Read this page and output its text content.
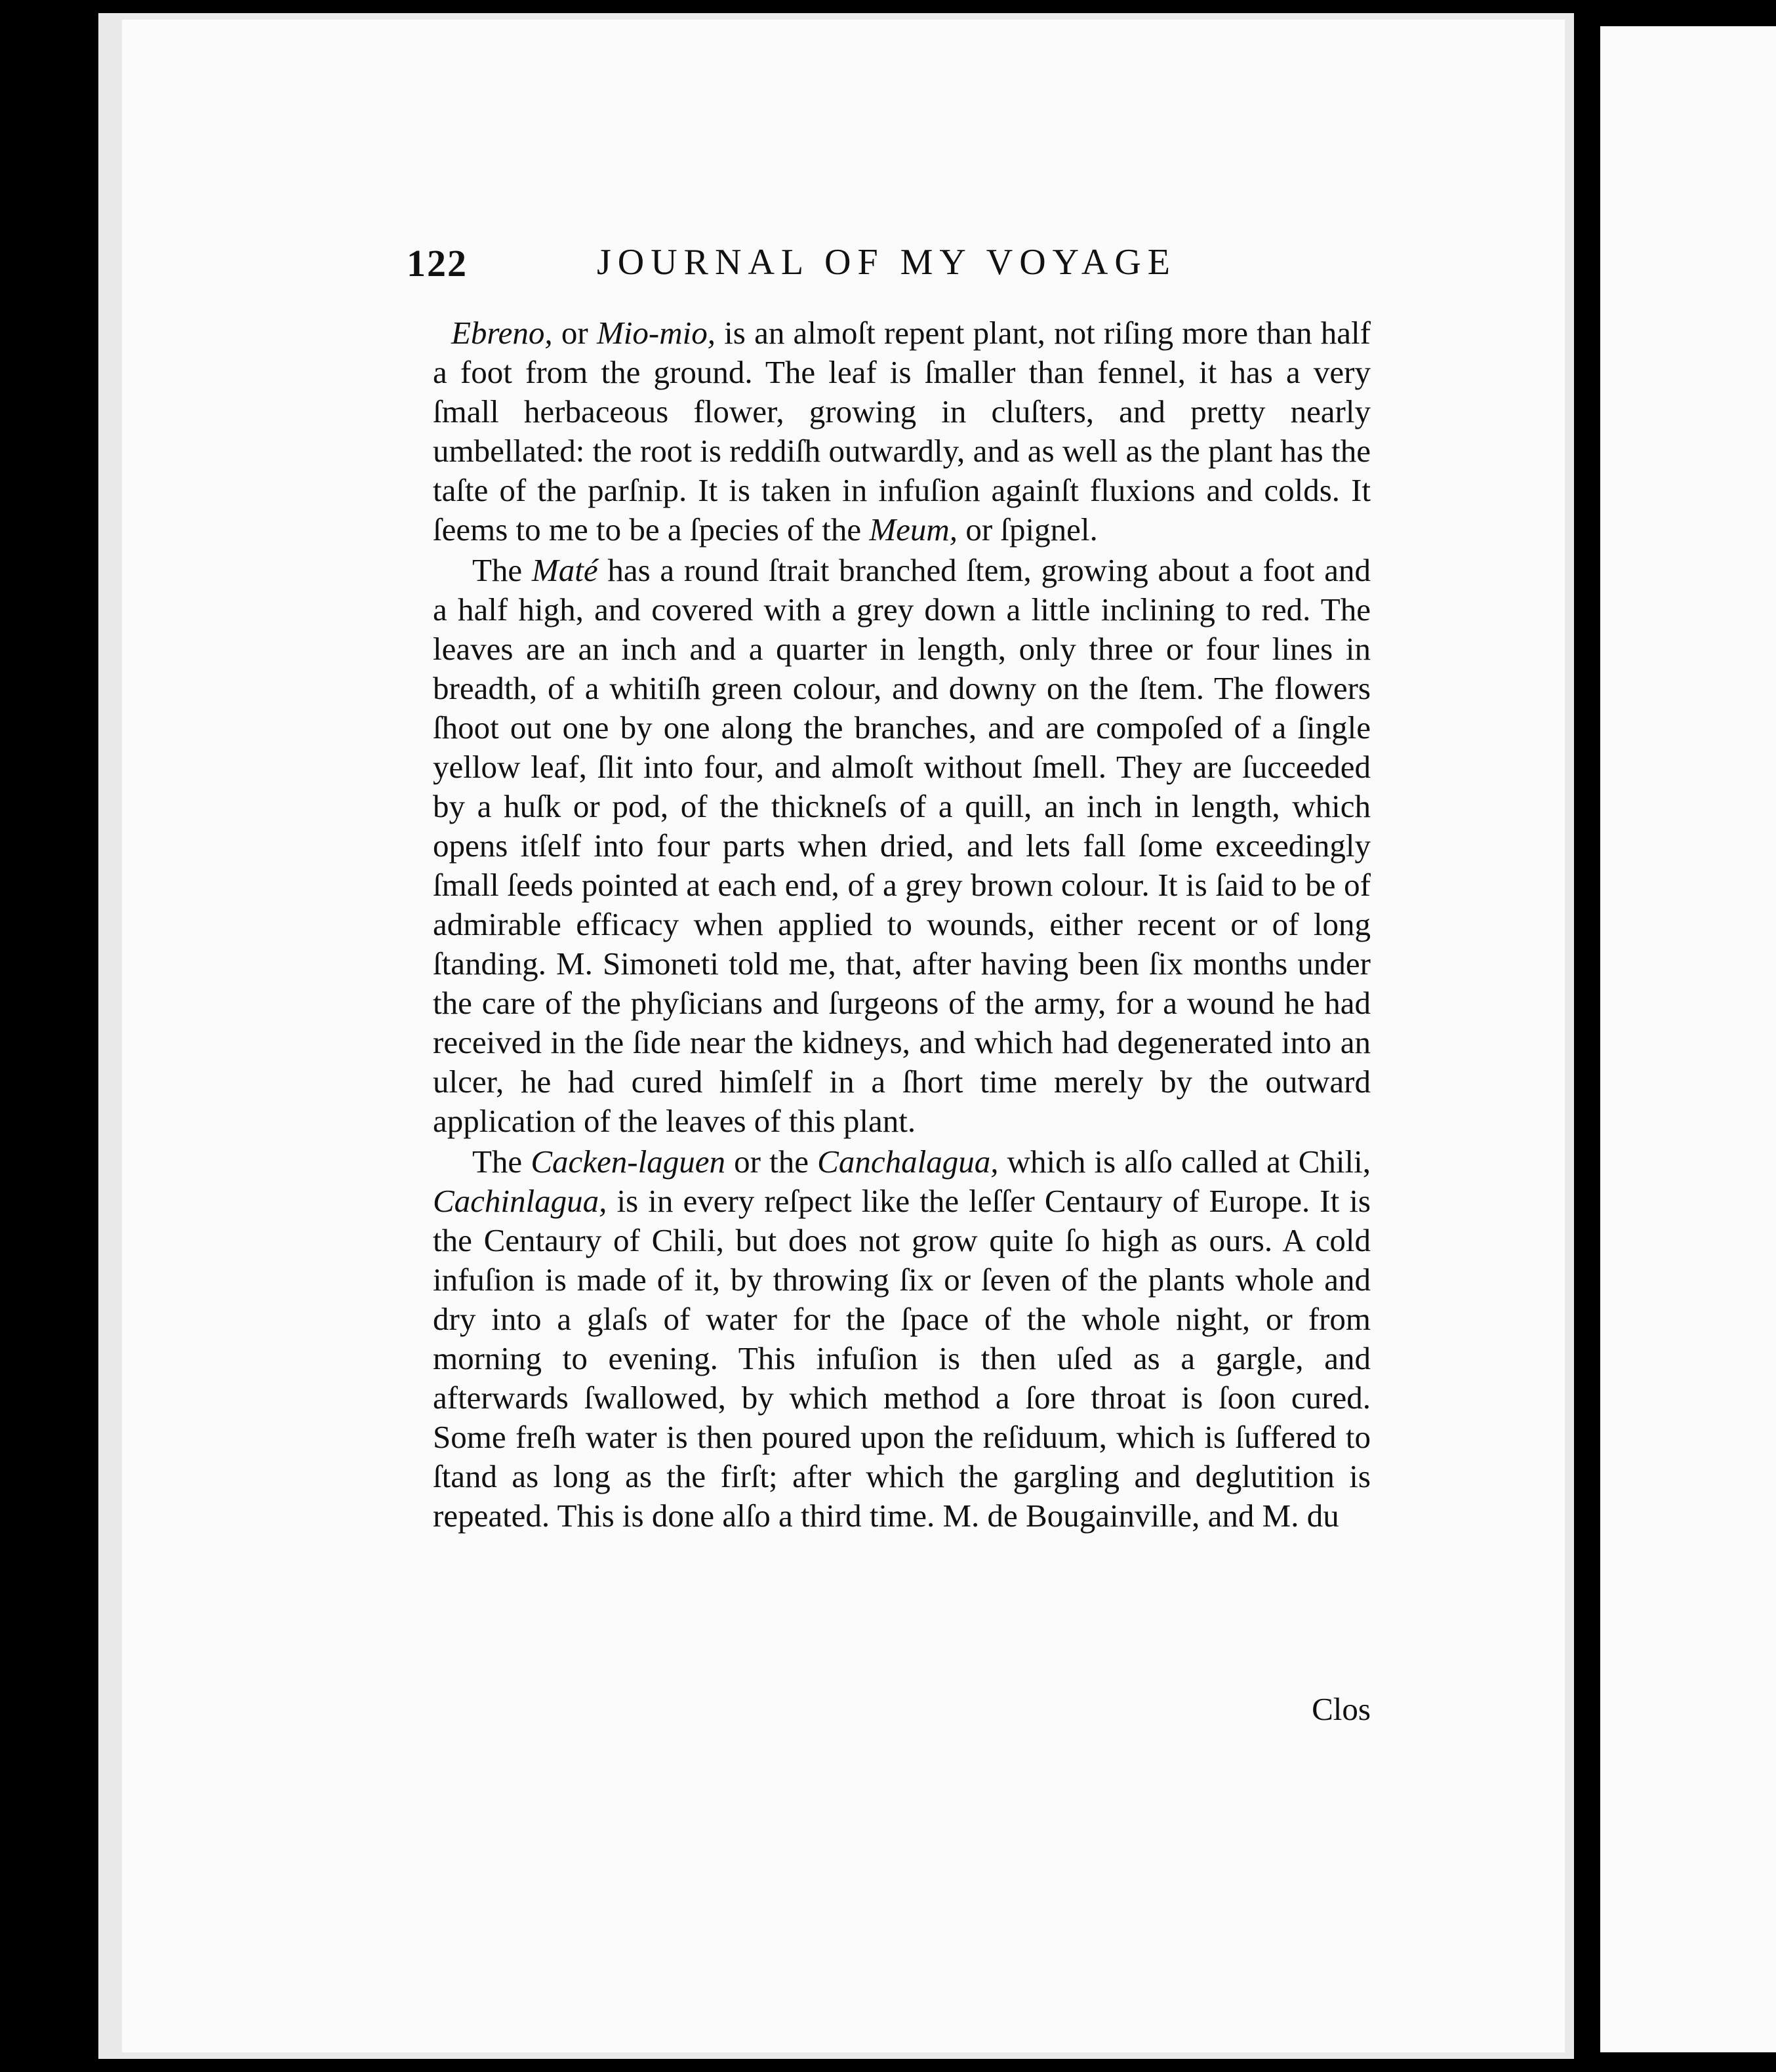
122	JOURNAL OF MY VOYAGE

Ebreno, or Mio-mio, is an almoſt repent plant, not riſing more than half a foot from the ground. The leaf is ſmaller than fennel, it has a very ſmall herbaceous flower, growing in cluſters, and pretty nearly umbellated: the root is reddiſh outwardly, and as well as the plant has the taſte of the parſnip. It is taken in infuſion againſt fluxions and colds. It ſeems to me to be a ſpecies of the Meum, or ſpignel.

The Maté has a round ſtrait branched ſtem, growing about a foot and a half high, and covered with a grey down a little inclining to red. The leaves are an inch and a quarter in length, only three or four lines in breadth, of a whitiſh green colour, and downy on the ſtem. The flowers ſhoot out one by one along the branches, and are compoſed of a ſingle yellow leaf, ſlit into four, and almoſt without ſmell. They are ſucceeded by a huſk or pod, of the thickneſs of a quill, an inch in length, which opens itſelf into four parts when dried, and lets fall ſome exceedingly ſmall ſeeds pointed at each end, of a grey brown colour. It is ſaid to be of admirable efficacy when applied to wounds, either recent or of long ſtanding. M. Simoneti told me, that, after having been ſix months under the care of the phyſicians and ſurgeons of the army, for a wound he had received in the ſide near the kidneys, and which had degenerated into an ulcer, he had cured himſelf in a ſhort time merely by the outward application of the leaves of this plant.

The Cacken-laguen or the Canchalagua, which is alſo called at Chili, Cachinlagua, is in every reſpect like the leſſer Centaury of Europe. It is the Centaury of Chili, but does not grow quite ſo high as ours. A cold infuſion is made of it, by throwing ſix or ſeven of the plants whole and dry into a glaſs of water for the ſpace of the whole night, or from morning to evening. This infuſion is then uſed as a gargle, and afterwards ſwallowed, by which method a ſore throat is ſoon cured. Some freſh water is then poured upon the reſiduum, which is ſuffered to ſtand as long as the firſt; after which the gargling and deglutition is repeated. This is done alſo a third time. M. de Bougainville, and M. du

Clos
